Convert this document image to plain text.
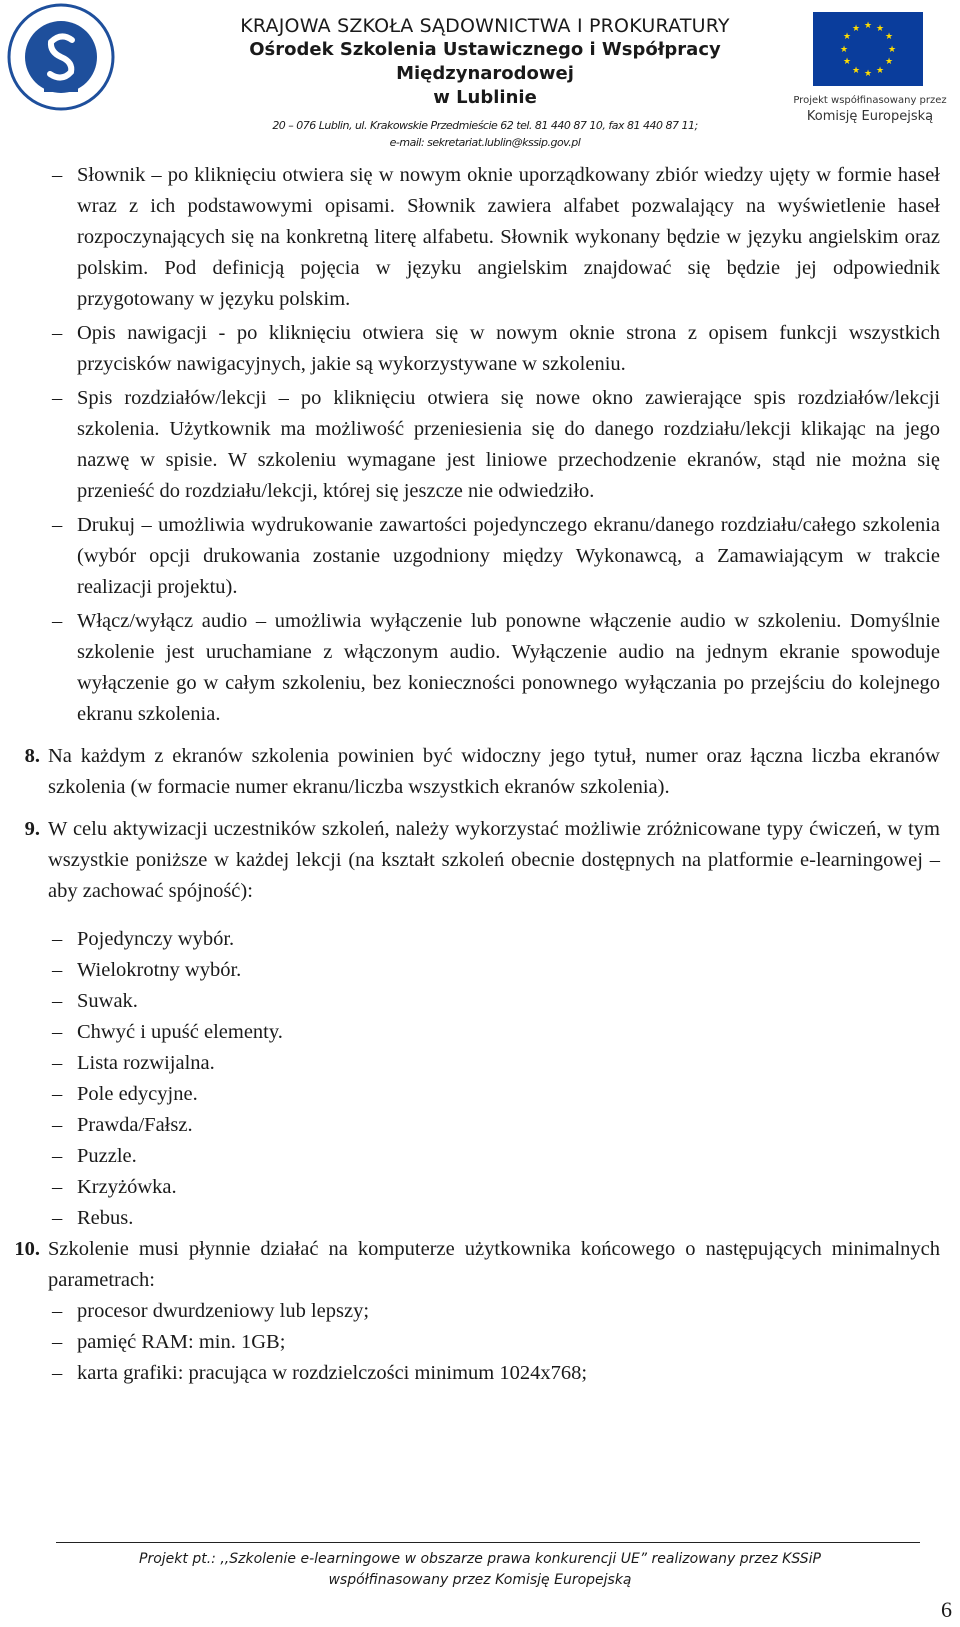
KRAJOWA SZKOŁA SĄDOWNICTWA I PROKURATURY
Ośrodek Szkolenia Ustawicznego i Współpracy Międzynarodowej
w Lublinie
20 – 076 Lublin, ul. Krakowskie Przedmieście 62 tel. 81 440 87 10, fax 81 440 87 11;
e-mail: sekretariat.lublin@kssip.gov.pl
★ ★
★
★
★
★
★
★
★
★
★
★
Projekt współfinasowany przez
Komisję Europejską
– Słownik – po kliknięciu otwiera się w nowym oknie uporządkowany zbiór wiedzy ujęty w formie haseł wraz z ich podstawowymi opisami. Słownik zawiera alfabet pozwalający na wyświetlenie haseł rozpoczynających się na konkretną literę alfabetu. Słownik wykonany będzie w języku angielskim oraz polskim. Pod definicją pojęcia w języku angielskim znajdować się będzie jej odpowiednik przygotowany w języku polskim.
– Opis nawigacji - po kliknięciu otwiera się w nowym oknie strona z opisem funkcji wszystkich przycisków nawigacyjnych, jakie są wykorzystywane w szkoleniu.
– Spis rozdziałów/lekcji – po kliknięciu otwiera się nowe okno zawierające spis rozdziałów/lekcji szkolenia. Użytkownik ma możliwość przeniesienia się do danego rozdziału/lekcji klikając na jego nazwę w spisie. W szkoleniu wymagane jest liniowe przechodzenie ekranów, stąd nie można się przenieść do rozdziału/lekcji, której się jeszcze nie odwiedziło.
– Drukuj – umożliwia wydrukowanie zawartości pojedynczego ekranu/danego rozdziału/całego szkolenia (wybór opcji drukowania zostanie uzgodniony między Wykonawcą, a Zamawiającym w trakcie realizacji projektu).
– Włącz/wyłącz audio – umożliwia wyłączenie lub ponowne włączenie audio w szkoleniu. Domyślnie szkolenie jest uruchamiane z włączonym audio. Wyłączenie audio na jednym ekranie spowoduje wyłączenie go w całym szkoleniu, bez konieczności ponownego wyłączania po przejściu do kolejnego ekranu szkolenia.
8. Na każdym z ekranów szkolenia powinien być widoczny jego tytuł, numer oraz łączna liczba ekranów szkolenia (w formacie numer ekranu/liczba wszystkich ekranów szkolenia).
9. W celu aktywizacji uczestników szkoleń, należy wykorzystać możliwie zróżnicowane typy ćwiczeń, w tym wszystkie poniższe w każdej lekcji (na kształt szkoleń obecnie dostępnych na platformie e-learningowej – aby zachować spójność):
– Pojedynczy wybór.
– Wielokrotny wybór.
– Suwak.
– Chwyć i upuść elementy.
– Lista rozwijalna.
– Pole edycyjne.
– Prawda/Fałsz.
– Puzzle.
– Krzyżówka.
– Rebus.
10. Szkolenie musi płynnie działać na komputerze użytkownika końcowego o następujących minimalnych parametrach:
– procesor dwurdzeniowy lub lepszy;
– pamięć RAM: min. 1GB;
– karta grafiki: pracująca w rozdzielczości minimum 1024x768;
Projekt pt.: ,,Szkolenie e-learningowe w obszarze prawa konkurencji UE” realizowany przez KSSiP
współfinasowany przez Komisję Europejską
6
